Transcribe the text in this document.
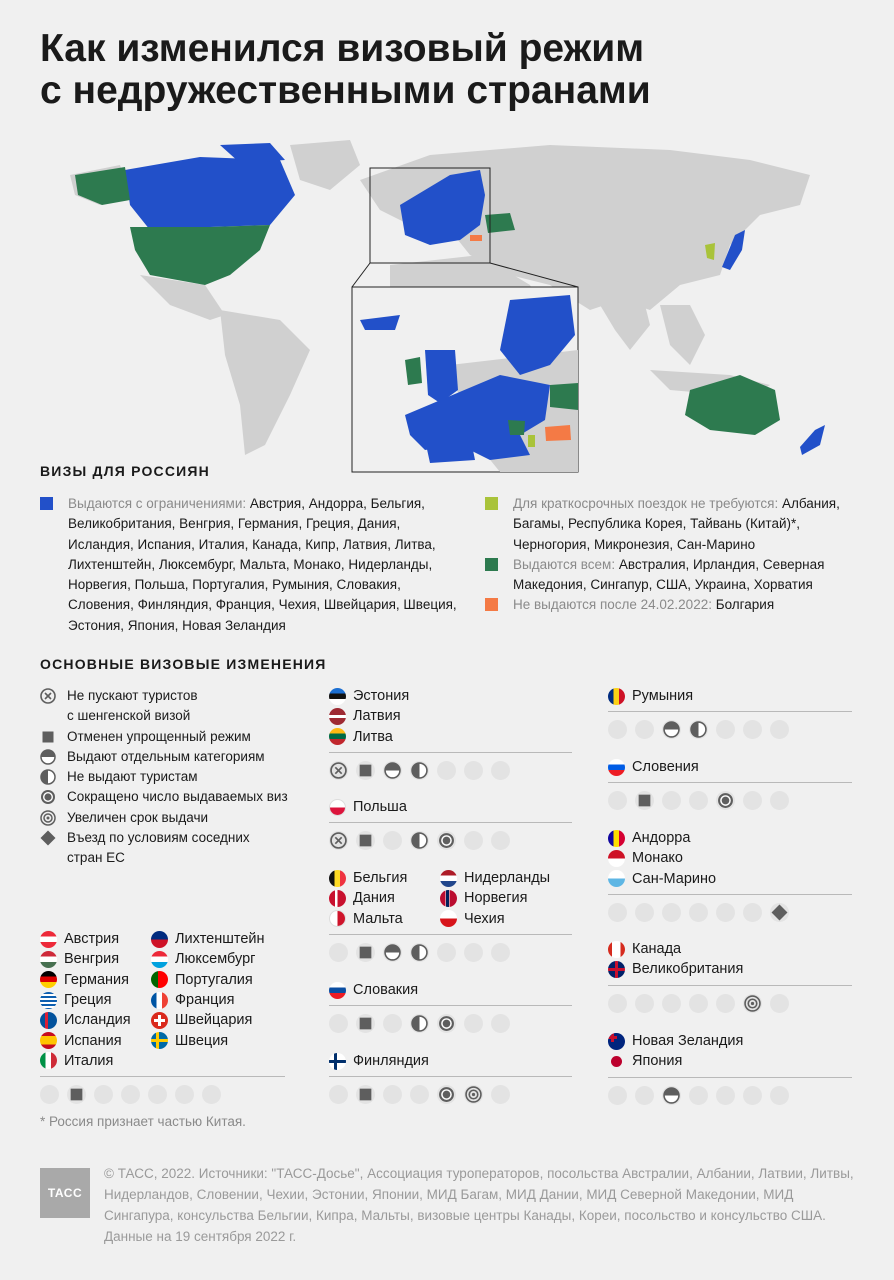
Как изменился визовый режим
с недружественными странами
ВИЗЫ ДЛЯ РОССИЯН
Выдаются с ограничениями: Австрия, Андорра, Бельгия, Великобритания, Венгрия, Германия, Греция, Дания, Исландия, Испания, Италия, Канада, Кипр, Латвия, Литва, Лихтенштейн, Люксембург, Мальта, Монако, Нидерланды, Норвегия, Польша, Португалия, Румыния, Словакия, Словения, Финляндия, Франция, Чехия, Швейцария, Швеция, Эстония, Япония, Новая Зеландия
Для краткосрочных поездок не требуются: Албания, Багамы, Республика Корея, Тайвань (Китай)*, Черногория, Микронезия, Сан-Марино
Выдаются всем: Австралия, Ирландия, Северная Македония, Сингапур, США, Украина, Хорватия
Не выдаются после 24.02.2022: Болгария
ОСНОВНЫЕ ВИЗОВЫЕ ИЗМЕНЕНИЯ
Не пускают туристов
с шенгенской визой
Отменен упрощенный режим
Выдают отдельным категориям
Не выдают туристам
Сокращено число выдаваемых виз
Увеличен срок выдачи
Въезд по условиям соседних
стран ЕС
Эстония
Латвия
Литва
Польша
Бельгия
Дания
Мальта
Нидерланды
Норвегия
Чехия
Словакия
Финляндия
Австрия
Венгрия
Германия
Греция
Исландия
Испания
Италия
Лихтенштейн
Люксембург
Португалия
Франция
Швейцария
Швеция
Румыния
Словения
Андорра
Монако
Сан-Марино
Канада
Великобритания
Новая Зеландия
Япония
* Россия признает частью Китая.
ТАСС
© ТАСС, 2022. Источники: "ТАСС-Досье", Ассоциация туроператоров, посольства Австралии, Албании, Латвии, Литвы, Нидерландов, Словении, Чехии, Эстонии, Японии, МИД Багам, МИД Дании, МИД Северной Македонии, МИД Сингапура, консульства Бельгии, Кипра, Мальты, визовые центры Канады, Кореи, посольство и консульство США. Данные на 19 сентября 2022 г.
